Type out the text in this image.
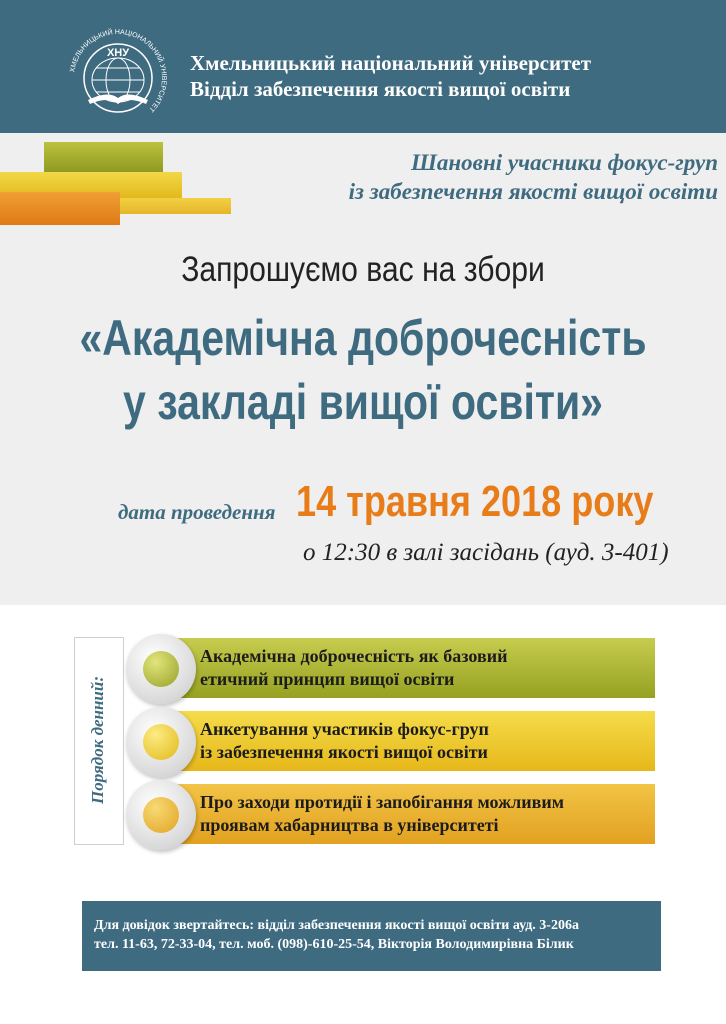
ХНУ
ХМЕЛЬНИЦЬКИЙ НАЦІОНАЛЬНИЙ УНІВЕРСИТЕТ
Хмельницький національний університет
Відділ забезпечення якості вищої освіти
Шановні учасники фокус-груп
із забезпечення якості вищої освіти
Запрошуємо вас на збори
«Академічна доброчесність
у закладі вищої освіти»
дата проведення 14 травня 2018 року
о 12:30 в залі засідань (ауд. 3-401)
Порядок денний:
Академічна доброчесність як базовий
етичний принцип вищої освіти
Анкетування участиків фокус-груп
із забезпечення якості вищої освіти
Про заходи протидії і запобігання можливим
проявам хабарництва в університеті
Для довідок звертайтесь: відділ забезпечення якості вищої освіти ауд. 3-206а
тел. 11-63, 72-33-04, тел. моб. (098)-610-25-54, Вікторія Володимирівна Білик
